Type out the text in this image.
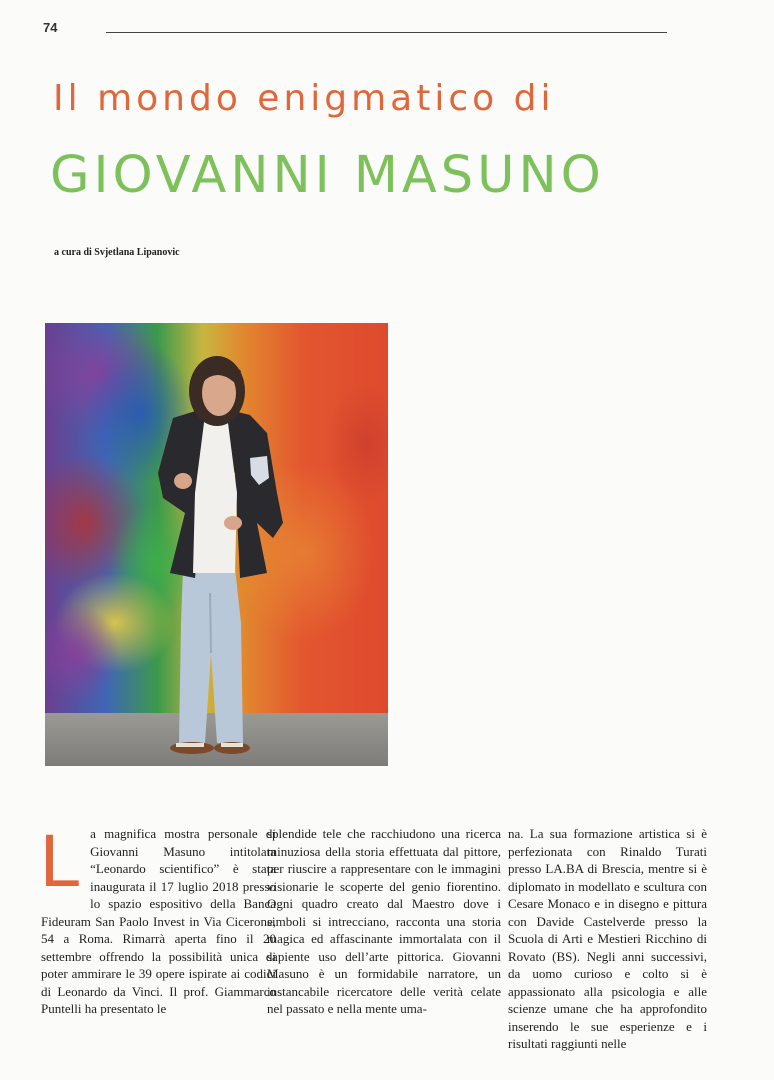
74
Il mondo enigmatico di
GIOVANNI MASUNO
a cura di Svjetlana Lipanovic
L a magnifica mostra personale di Giovanni Masuno intitolata “Leonardo scientifico” è stata inaugurata il 17 luglio 2018 presso lo spazio espositivo della Banca Fideuram San Paolo Invest in Via Cicerone, 54 a Roma. Rimarrà aperta fino il 20 settembre offrendo la possibilità unica di poter ammirare le 39 opere ispirate ai codici di Leonardo da Vinci. Il prof. Giammarco Puntelli ha presentato le

splendide tele che racchiudono una ricerca minuziosa della storia effettuata dal pittore, per riuscire a rappresentare con le immagini visionarie le scoperte del genio fiorentino. Ogni quadro creato dal Maestro dove i simboli si intrecciano, racconta una storia magica ed affascinante immortalata con il sapiente uso dell’arte pittorica. Giovanni Masuno è un formidabile narratore, un instancabile ricercatore delle verità celate nel passato e nella mente uma-

na. La sua formazione artistica si è perfezionata con Rinaldo Turati presso LA.BA di Brescia, mentre si è diplomato in modellato e scultura con Cesare Monaco e in disegno e pittura con Davide Castelverde presso la Scuola di Arti e Mestieri Ricchino di Rovato (BS). Negli anni successivi, da uomo curioso e colto si è appassionato alla psicologia e alle scienze umane che ha approfondito inserendo le sue esperienze e i risultati raggiunti nelle
